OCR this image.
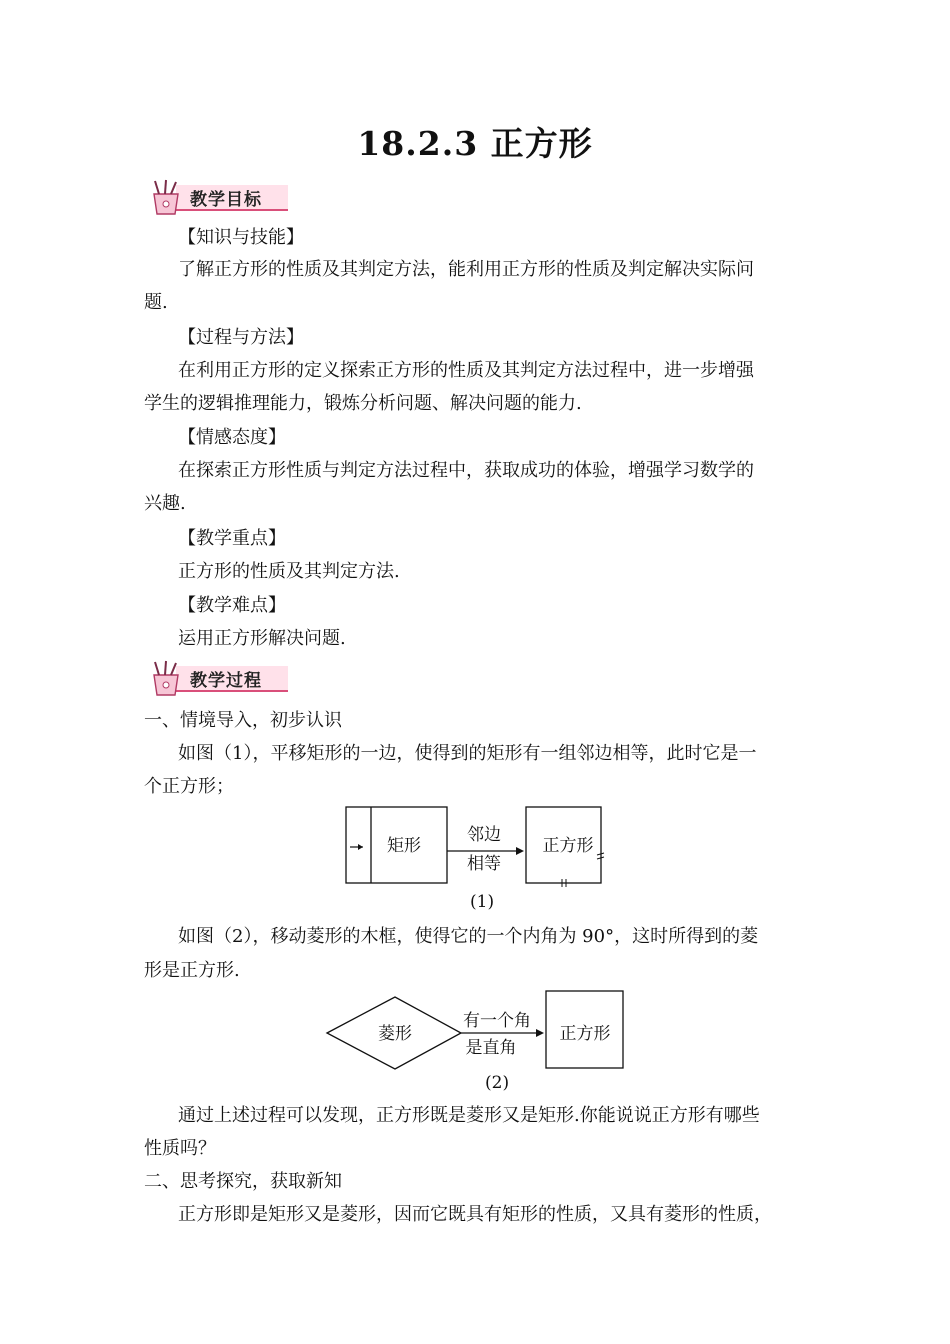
18.2.3 正方形
教学目标
【知识与技能】
了解正方形的性质及其判定方法，能利用正方形的性质及判定解决实际问
题.
【过程与方法】
在利用正方形的定义探索正方形的性质及其判定方法过程中，进一步增强
学生的逻辑推理能力，锻炼分析问题、解决问题的能力.
【情感态度】
在探索正方形性质与判定方法过程中，获取成功的体验，增强学习数学的
兴趣.
【教学重点】
正方形的性质及其判定方法.
【教学难点】
运用正方形解决问题.
教学过程
一、情境导入，初步认识
如图（1），平移矩形的一边，使得到的矩形有一组邻边相等，此时它是一
个正方形；
矩形
邻边
相等
正方形
(1)
如图（2），移动菱形的木框，使得它的一个内角为 90°，这时所得到的菱
形是正方形.
菱形
有一个角
是直角
正方形
(2)
通过上述过程可以发现，正方形既是菱形又是矩形.你能说说正方形有哪些
性质吗？
二、思考探究，获取新知
正方形即是矩形又是菱形，因而它既具有矩形的性质，又具有菱形的性质，
